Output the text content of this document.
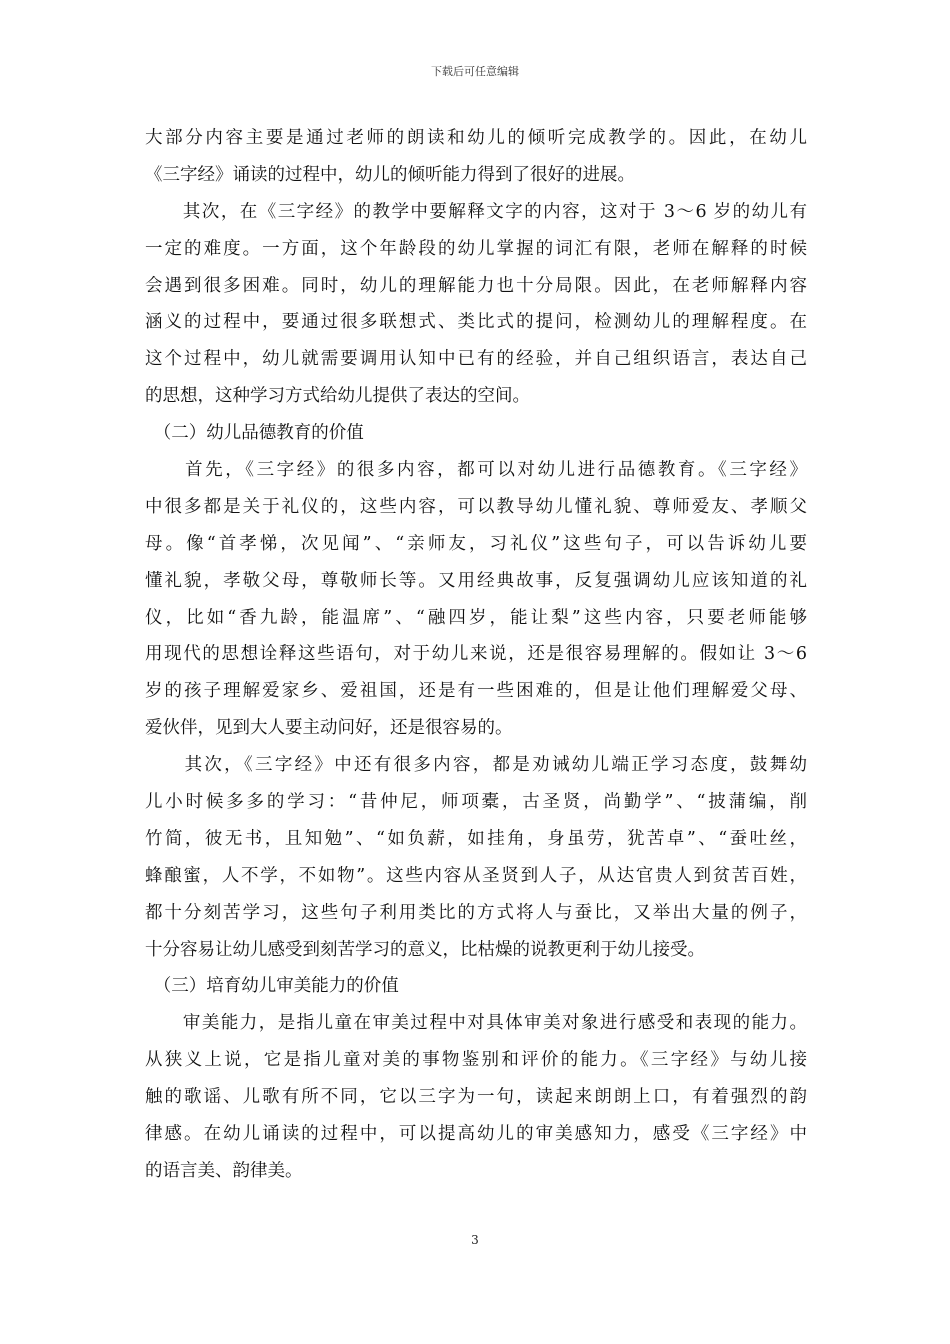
下载后可任意编辑
大部分内容主要是通过老师的朗读和幼儿的倾听完成教学的。因此，在幼儿
《三字经》诵读的过程中，幼儿的倾听能力得到了很好的进展。
　　其次，在《三字经》的教学中要解释文字的内容，这对于 3～6 岁的幼儿有
一定的难度。一方面，这个年龄段的幼儿掌握的词汇有限，老师在解释的时候
会遇到很多困难。同时，幼儿的理解能力也十分局限。因此，在老师解释内容
涵义的过程中，要通过很多联想式、类比式的提问，检测幼儿的理解程度。在
这个过程中，幼儿就需要调用认知中已有的经验，并自己组织语言，表达自己
的思想，这种学习方式给幼儿提供了表达的空间。
　（二）幼儿品德教育的价值
　　首先，《三字经》的很多内容，都可以对幼儿进行品德教育。《三字经》
中很多都是关于礼仪的，这些内容，可以教导幼儿懂礼貌、尊师爱友、孝顺父
母。像“首孝悌，次见闻”、“亲师友，习礼仪”这些句子，可以告诉幼儿要
懂礼貌，孝敬父母，尊敬师长等。又用经典故事，反复强调幼儿应该知道的礼
仪，比如“香九龄，能温席”、“融四岁，能让梨”这些内容，只要老师能够
用现代的思想诠释这些语句，对于幼儿来说，还是很容易理解的。假如让 3～6
岁的孩子理解爱家乡、爱祖国，还是有一些困难的，但是让他们理解爱父母、
爱伙伴，见到大人要主动问好，还是很容易的。
　　其次，《三字经》中还有很多内容，都是劝诫幼儿端正学习态度，鼓舞幼
儿小时候多多的学习：“昔仲尼，师项橐，古圣贤，尚勤学”、“披蒲编，削
竹简，彼无书，且知勉”、“如负薪，如挂角，身虽劳，犹苦卓”、“蚕吐丝，
蜂酿蜜，人不学，不如物”。这些内容从圣贤到人子，从达官贵人到贫苦百姓，
都十分刻苦学习，这些句子利用类比的方式将人与蚕比，又举出大量的例子，
十分容易让幼儿感受到刻苦学习的意义，比枯燥的说教更利于幼儿接受。
　（三）培育幼儿审美能力的价值
　　审美能力，是指儿童在审美过程中对具体审美对象进行感受和表现的能力。
从狭义上说，它是指儿童对美的事物鉴别和评价的能力。《三字经》与幼儿接
触的歌谣、儿歌有所不同，它以三字为一句，读起来朗朗上口，有着强烈的韵
律感。在幼儿诵读的过程中，可以提高幼儿的审美感知力，感受《三字经》中
的语言美、韵律美。
3
